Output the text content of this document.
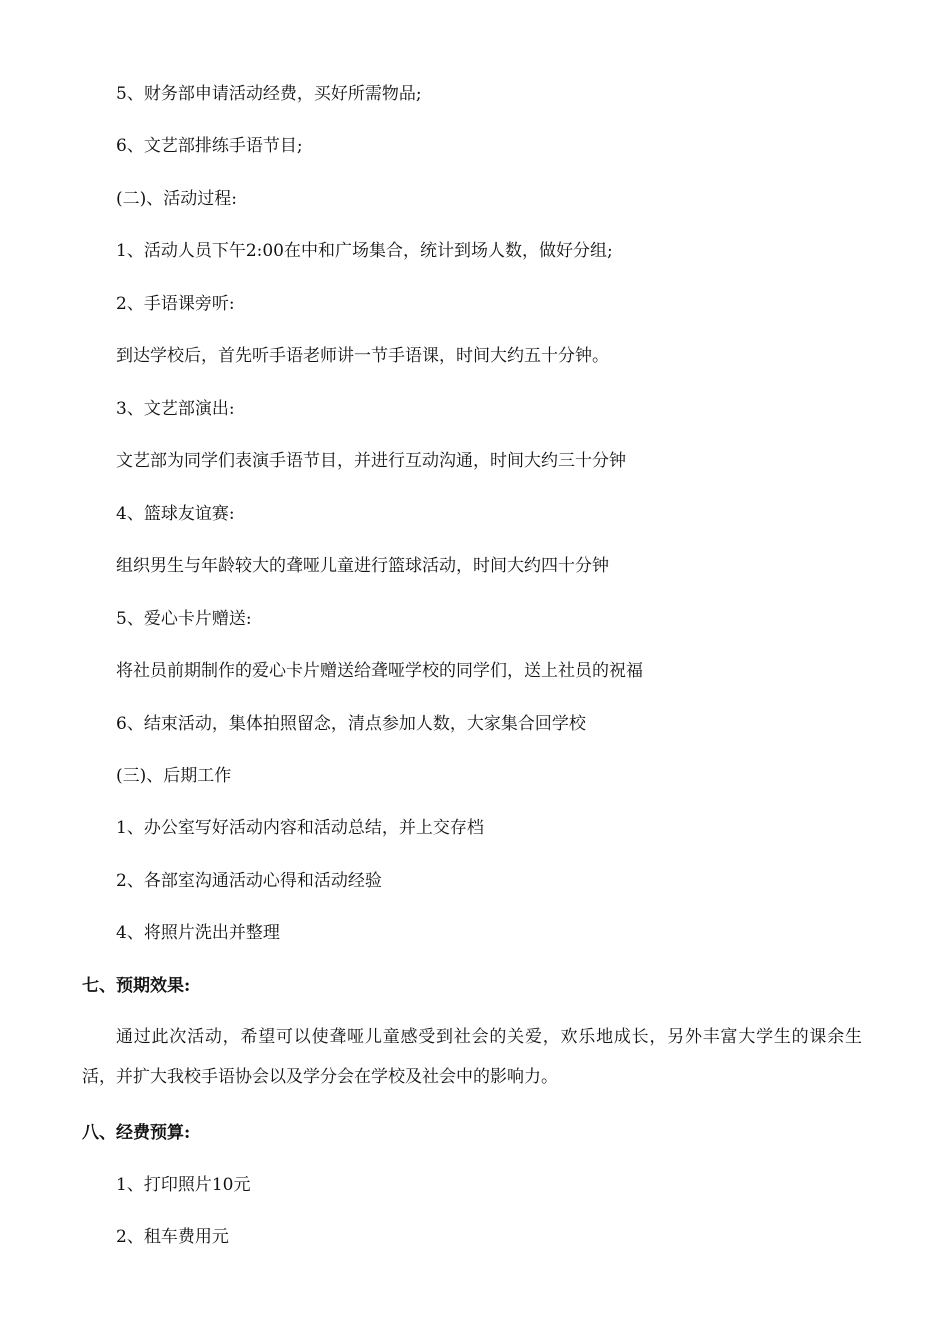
5、财务部申请活动经费，买好所需物品;
6、文艺部排练手语节目;
(二)、活动过程:
1、活动人员下午2:00在中和广场集合，统计到场人数，做好分组;
2、手语课旁听:
到达学校后，首先听手语老师讲一节手语课，时间大约五十分钟。
3、文艺部演出:
文艺部为同学们表演手语节目，并进行互动沟通，时间大约三十分钟
4、篮球友谊赛:
组织男生与年龄较大的聋哑儿童进行篮球活动，时间大约四十分钟
5、爱心卡片赠送:
将社员前期制作的爱心卡片赠送给聋哑学校的同学们，送上社员的祝福
6、结束活动，集体拍照留念，清点参加人数，大家集合回学校
(三)、后期工作
1、办公室写好活动内容和活动总结，并上交存档
2、各部室沟通活动心得和活动经验
4、将照片洗出并整理
七、预期效果:
通过此次活动，希望可以使聋哑儿童感受到社会的关爱，欢乐地成长，另外丰富大学生的课余生活，并扩大我校手语协会以及学分会在学校及社会中的影响力。
八、经费预算:
1、打印照片10元
2、租车费用元
